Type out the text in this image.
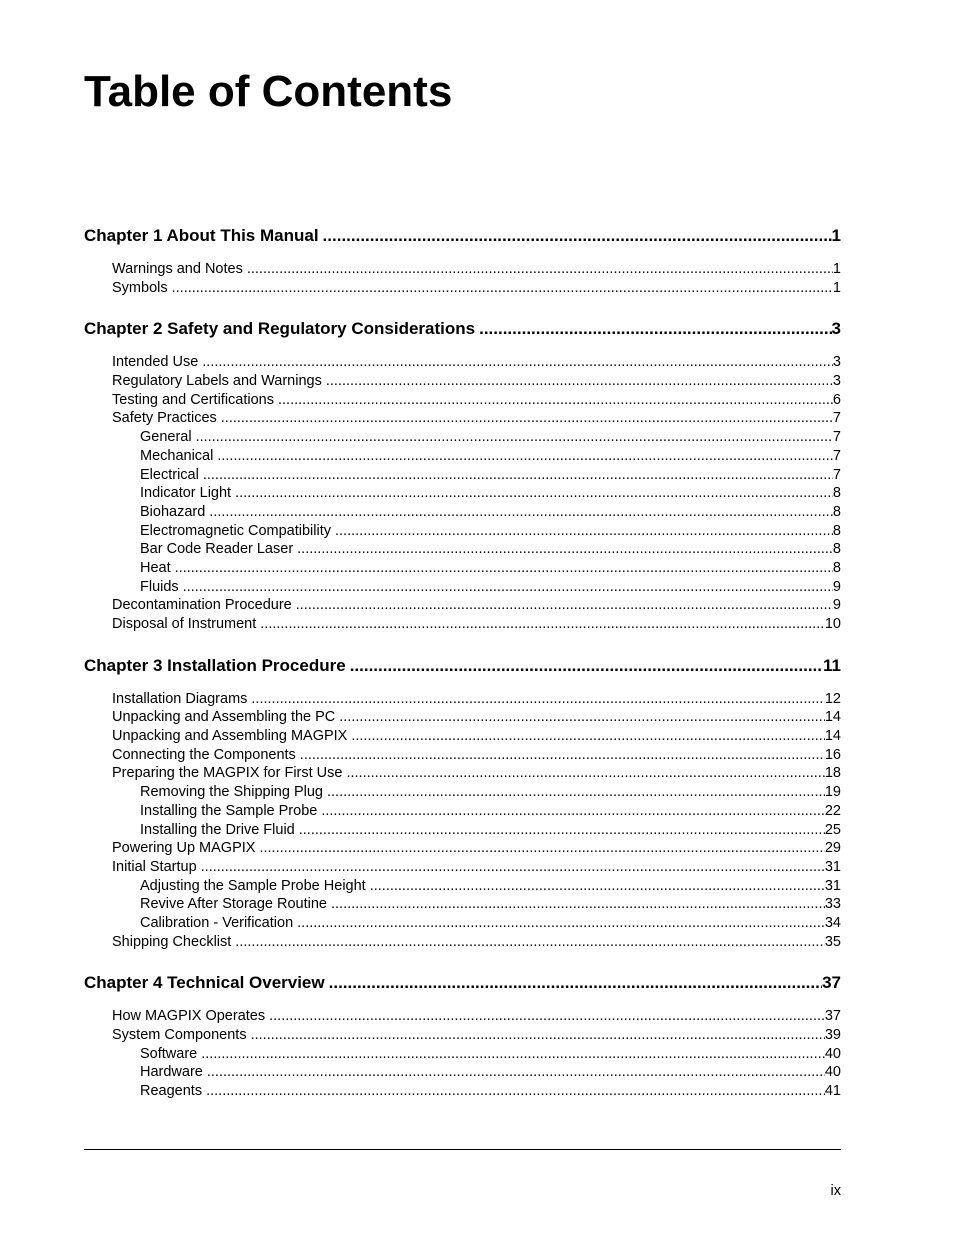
Table of Contents
Chapter 1 About This Manual .....	1
Warnings and Notes .....	1
Symbols .....	1
Chapter 2 Safety and Regulatory Considerations .....	3
Intended Use .....	3
Regulatory Labels and Warnings .....	3
Testing and Certifications .....	6
Safety Practices .....	7
General .....	7
Mechanical .....	7
Electrical .....	7
Indicator Light .....	8
Biohazard .....	8
Electromagnetic Compatibility .....	8
Bar Code Reader Laser .....	8
Heat .....	8
Fluids .....	9
Decontamination Procedure .....	9
Disposal of Instrument .....	10
Chapter 3 Installation Procedure .....	11
Installation Diagrams .....	12
Unpacking and Assembling the PC .....	14
Unpacking and Assembling MAGPIX .....	14
Connecting the Components .....	16
Preparing the MAGPIX for First Use .....	18
Removing the Shipping Plug .....	19
Installing the Sample Probe .....	22
Installing the Drive Fluid .....	25
Powering Up MAGPIX .....	29
Initial Startup .....	31
Adjusting the Sample Probe Height .....	31
Revive After Storage Routine .....	33
Calibration - Verification .....	34
Shipping Checklist .....	35
Chapter 4 Technical Overview .....	37
How MAGPIX Operates .....	37
System Components .....	39
Software .....	40
Hardware .....	40
Reagents .....	41
ix
